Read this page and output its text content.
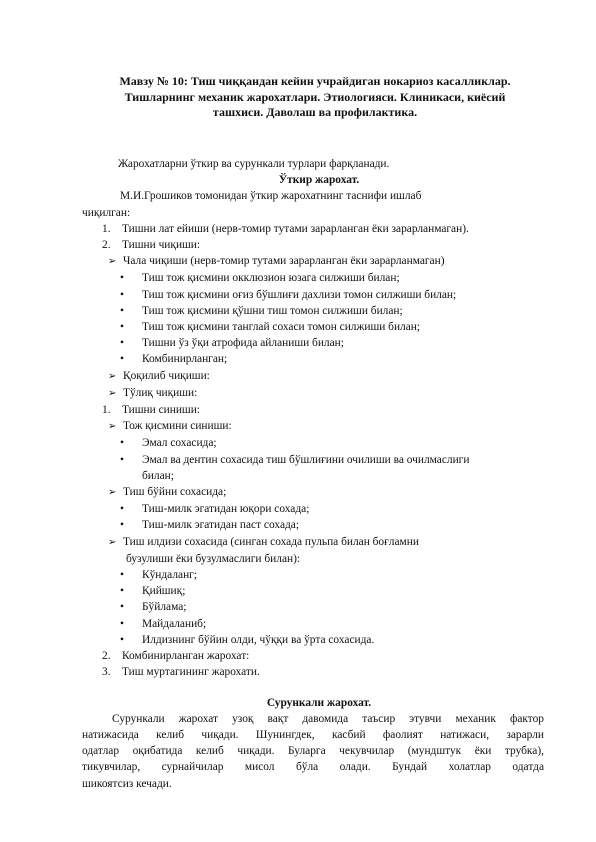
Мавзу № 10: Тиш чиққандан кейин учрайдиган нокариоз касалликлар.
Тишларнинг механик жарохатлари. Этиологияси. Клиникаси, киёсий
ташхиси. Даволаш ва профилактика.
Жарохатларни ўткир ва сурункали турлари фарқланади.
Ўткир жарохат.
М.И.Грошиков томонидан ўткир жарохатнинг таснифи ишлаб
чиқилган:
1. Тишни лат ейиши (нерв-томир тутами зарарланган ёки зарарланмаган).
2. Тишни чиқиши:
➢ Чала чиқиши (нерв-томир тутами зарарланган ёки зарарланмаган)
• Тиш тож қисмини окклюзион юзага силжиши билан;
• Тиш тож қисмини оғиз бўшлиғи дахлизи томон силжиши билан;
• Тиш тож қисмини қўшни тиш томон силжиши билан;
• Тиш тож қисмини танглай сохаси томон силжиши билан;
• Тишни ўз ўқи атрофида айланиши билан;
• Комбинирланган;
➢ Қоқилиб чиқиши:
➢ Тўлиқ чиқиши:
1. Тишни синиши:
➢ Тож қисмини синиши:
• Эмал сохасида;
• Эмал ва дентин сохасида тиш бўшлиғини очилиши ва очилмаслиги
билан;
➢ Тиш бўйни сохасида;
• Тиш-милк эгатидан юқори сохада;
• Тиш-милк эгатидан паст сохада;
➢ Тиш илдизи сохасида (синган сохада пульпа билан боғламни
бузулиши ёки бузулмаслиги билан):
• Кўндаланг;
• Қийшиқ;
• Бўйлама;
• Майдаланиб;
• Илдизнинг бўйин олди, чўққи ва ўрта сохасида.
2. Комбинирланган жарохат:
3. Тиш муртагининг жарохати.
Сурункали жарохат.
Сурункали жарохат узоқ вақт давомида таъсир этувчи механик фактор
натижасида келиб чиқади. Шунингдек, касбий фаолият натижаси, зарарли
одатлар оқибатида келиб чиқади. Буларга чекувчилар (мундштук ёки трубка),
тикувчилар, сурнайчилар мисол бўла олади. Бундай холатлар одатда
шикоятсиз кечади.
